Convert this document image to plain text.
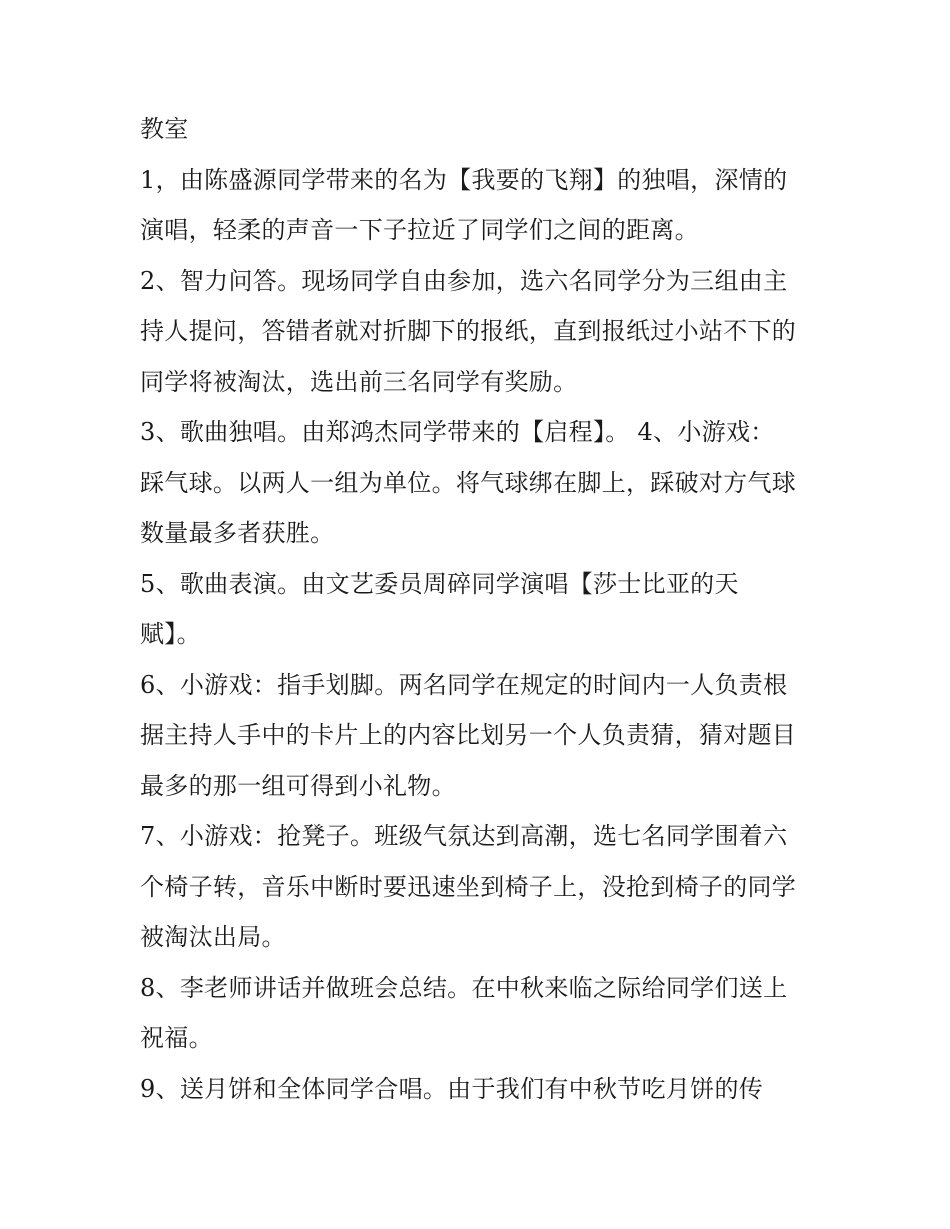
教室
1，由陈盛源同学带来的名为【我要的飞翔】的独唱，深情的
演唱，轻柔的声音一下子拉近了同学们之间的距离。
2、智力问答。现场同学自由参加，选六名同学分为三组由主
持人提问，答错者就对折脚下的报纸，直到报纸过小站不下的
同学将被淘汰，选出前三名同学有奖励。
3、歌曲独唱。由郑鸿杰同学带来的【启程】。 4、小游戏：
踩气球。以两人一组为单位。将气球绑在脚上，踩破对方气球
数量最多者获胜。
5、歌曲表演。由文艺委员周碎同学演唱【莎士比亚的天
赋】。
6、小游戏：指手划脚。两名同学在规定的时间内一人负责根
据主持人手中的卡片上的内容比划另一个人负责猜，猜对题目
最多的那一组可得到小礼物。
7、小游戏：抢凳子。班级气氛达到高潮，选七名同学围着六
个椅子转，音乐中断时要迅速坐到椅子上，没抢到椅子的同学
被淘汰出局。
8、李老师讲话并做班会总结。在中秋来临之际给同学们送上
祝福。
9、送月饼和全体同学合唱。由于我们有中秋节吃月饼的传
